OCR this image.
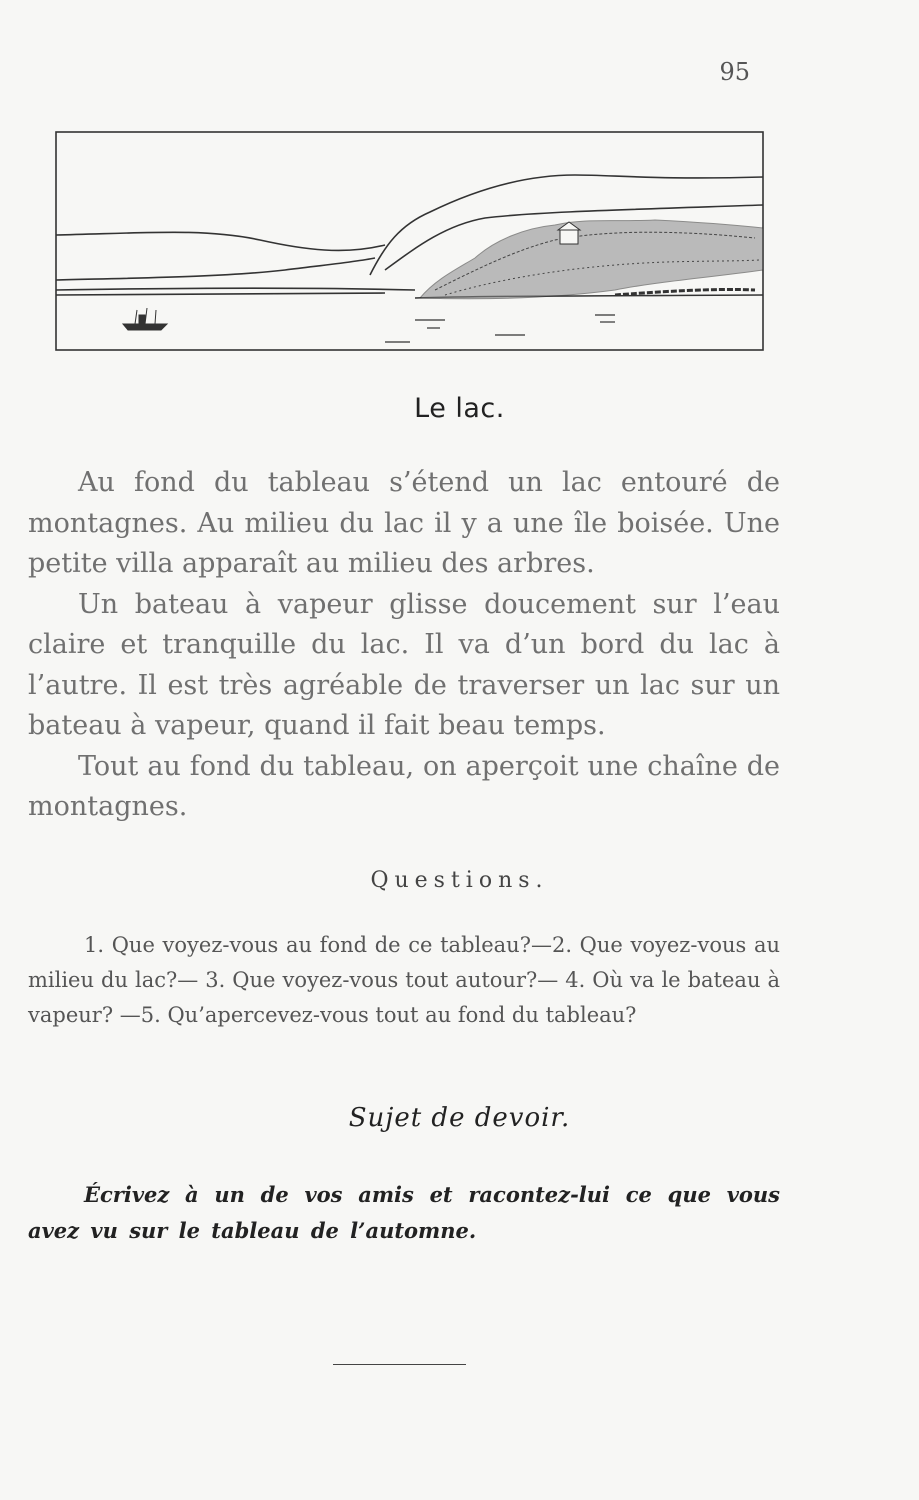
95
Le lac.

Au fond du tableau s’étend un lac entouré de montagnes. Au milieu du lac il y a une île boisée. Une petite villa apparaît au milieu des arbres.

Un bateau à vapeur glisse doucement sur l’eau claire et tranquille du lac. Il va d’un bord du lac à l’autre. Il est très agréable de traverser un lac sur un bateau à vapeur, quand il fait beau temps.

Tout au fond du tableau, on aperçoit une chaîne de montagnes.

Questions.

1. Que voyez-vous au fond de ce tableau?—2. Que voyez-vous au milieu du lac?— 3. Que voyez-vous tout autour?— 4. Où va le bateau à vapeur? —5. Qu’apercevez-vous tout au fond du tableau?

Sujet de devoir.

Écrivez à un de vos amis et racontez-lui ce que vous avez vu sur le tableau de l’automne.
